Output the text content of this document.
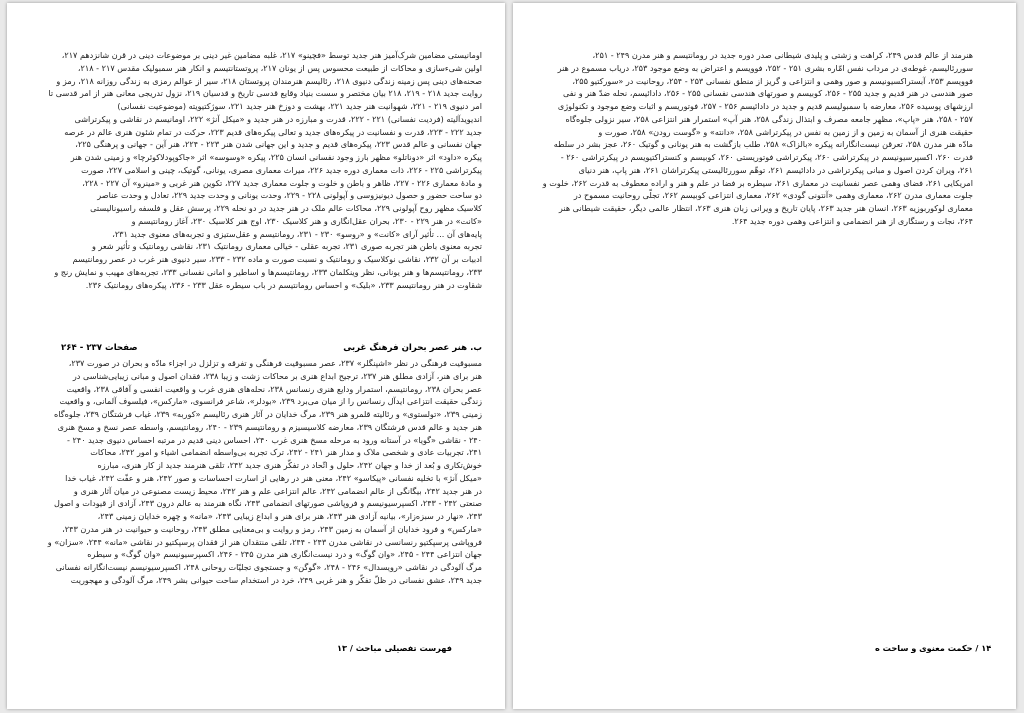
اومانیستی مضامین شرک‌آمیز هنر جدید توسط «فچینو» ۲۱۷، غلبه مضامین غیر دینی بر موضوعات دینی در قرن شانزدهم ۲۱۷،
اولین شیء‌سازی و محاکات از طبیعت محسوس پس از یونان ۲۱۷، پروتستانتیسم و انکار هنر سمبولیک مقدس ۲۱۷ - ۲۱۸،
صحنه‌های دینی پس زمینه زندگی دنیوی ۲۱۸، رئالیسم هنرمندان پروتستان ۲۱۸، سیر از عوالم رمزی به زندگی روزانه ۲۱۸، رمز و
روایت جدید ۲۱۸ - ۲۱۹، ۲۱۸ بیان مختصر و سست بنیاد وقایع قدسی تاریخ و قدسیان ۲۱۹، نزول تدریجی معانی هنر از امر قدسی تا
امر دنیوی ۲۱۹ - ۲۲۱، شهوانیت هنر جدید ۲۲۱، بهشت و دوزخ هنر جدید ۲۲۱، سوژکتیویته (موضوعیت نفسانی)
اندیویدآلیته (فردیت نفسانی) ۲۲۱ - ۲۲۲، قدرت و مبارزه در هنر جدید و «میکل آنژ» ۲۲۲، اومانیسم در نقاشی و پیکرتراشی
جدید ۲۲۲ - ۲۲۳، قدرت و نفسانیت در پیکره‌های جدید و تعالی پیکره‌های قدیم ۲۲۳، حرکت در تمام شئون هنری عالم در عرصه
جهان نفسانی و عالم قدس ۲۲۳، پیکره‌های قدیم و جدید و این جهانی شدن هنر ۲۲۳ - ۲۲۴، هنر آین - جهانی و پرهنگی ۲۲۵،
پیکره «داود» اثر «دوناتلو» مظهر بارز وجود نفسانی انسان ۲۲۵، پیکره «وسوسه» اثر «جاکوپودلاکوئرچا» و زمینی شدن هنر
پیکرتراشی ۲۲۵ - ۲۲۶، ذات معماری دوره جدید ۲۲۶، میراث معماری مصری، یونانی، گوتیک، چینی و اسلامی ۲۲۷، صورت
و مادهٔ معماری ۲۲۶ - ۲۲۷، ظاهر و باطن و خلوت و جلوت معماری جدید ۲۲۷، تکوین هنر غربی و «مینرو» آن ۲۲۷ - ۲۲۸،
دو ساحت حضور و حصول دیونیزوسی و آپولونی ۲۲۸ - ۲۲۹، وحدت یونانی و وحدت جدید ۲۲۹، تعادل و وحدت عناصر
کلاسیک مظهر روح آپولونی ۲۲۹، محاکات عالم ملک در هنر جدید در دو نحله ۲۲۹، پرسش عقل و فلسفه راسیونالیستی
«کانت» در هنر ۲۲۹ - ۲۳۰، بحران عقل‌انگاری و هنر کلاسیک ۲۳۰، اوج هنر کلاسیک ۲۳۰، آغاز رومانتیسم و
پایه‌های آن ... تأثیر آرای «کانت» و «روسو» ۲۳۰ - ۲۳۱، رومانتیسم و عقل‌ستیزی و تجربه‌های معنوی جدید ۲۳۱،
تجربه معنوی باطن هنر تجربه صوری ۲۳۱، تجربه عقلی - خیالی معماری رومانتیک ۲۳۱، نقاشی رومانتیک و تأثیر شعر و
ادبیات بر آن ۲۳۲، نقاشی نوکلاسیک و رومانتیک و نسبت صورت و ماده ۲۳۲ - ۲۳۳، سیر دنیوی هنر غرب در عصر رومانتیسم
۲۳۳، رومانتیسم‌ها و هنر یونانی، نظر وینکلمان ۲۳۳، رومانتیسم‌ها و اساطیر و امانی نفسانی ۲۳۳، تجربه‌های مهیب و نمایش رنج و
شقاوت در هنر رومانتیسم ۲۳۳، «بلیک» و احساس رومانتیسم در باب سیطره عقل ۲۳۳ - ۲۳۶، پیکره‌های رومانتیک ۲۳۶.
ب. هنر عصر بحران فرهنگ غربی
صفحات ۲۳۷ - ۲۶۴
مسبوقیت فرهنگی در نظر «اشپنگلر» ۲۳۷، عصر مسبوقیت فرهنگی و تفرقه و تزلزل در اجزاء مادّه و بحران در صورت ۲۳۷،
هنر برای هنر، آزادی مطلق هنر ۲۳۷، ترجیح ابداع هنری بر محاکات زشت و زیبا ۲۳۸، فقدان اصول و مبانی زیبایی‌شناسی در
عصر بحران ۲۳۸، رومانتیسم، استمرار ودایع هنری رنسانس ۲۳۸، نحله‌های هنری غرب و واقعیت انفسی و آفاقی ۲۳۸، واقعیت
زندگی حقیقت انتزاعی ایدآل رنسانس را از میان می‌برد ۲۳۹، «بودلر»، شاعر فرانسوی، «مارکس»، فیلسوف آلمانی، و واقعیت
زمینی ۲۳۹، «تولستوی» و رئالیته قلمرو هنر ۲۳۹، مرگ خدایان در آثار هنری رئالیسم «کوربه» ۲۳۹، غیاب فرشتگان ۲۳۹، جلوه‌گاه
هنر جدید و عالم قدس فرشتگان ۲۳۹، معارضه کلاسیسیزم و رومانتیسم ۲۳۹ - ۲۴۰، رومانتیسم، واسطه عصر نسخ و مسخ هنری
۲۴۰ - نقاشی «گویا» در آستانه ورود به مرحله مسخ هنری غرب ۲۴۰، احساس دینی قدیم در مرتبه احساس دنیوی جدید ۲۴۰ -
۲۴۱، تجربیات عادی و شخصی ملاک و مدار هنر ۲۴۱ - ۲۴۲، ترک تجربه بی‌واسطه انضمامی اشیاء و امور ۲۴۲، محاکات
خوش‌تکاری و بُعد از خدا و جهان ۲۴۲، حلول و اتّحاد در تفکّر هنری جدید ۲۴۲، تلقی هنرمند جدید از کار هنری، مبارزه
«میکل آنژ» با تخلیه نفسانی «پیکاسو» ۲۴۲، معنی هنر در رهایی از اسارت احساسات و صور ۲۴۲، هنر و عفّت ۲۴۲، غیاب خدا
در هنر جدید ۲۴۲، بیگانگی از عالم انضمامی ۲۴۲، عالم انتزاعی علم و هنر ۲۴۲، محیط زیست مصنوعی در میان آثار هنری و
صنعتی ۲۴۲ - ۲۴۳، اکسپرسیونیسم و فروپاشی صورتهای انضمامی ۲۴۳، نگاه هنرمند به عالم درون ۲۴۳، آزادی از قیودات و اصول
۲۴۳، «نهار در سبزه‌زار»، بیانیه آزادی هنر ۲۴۳، هنر برای هنر و ابداع زیبایی ۲۴۳، «مانه» و چهره خدایان زمینی ۲۴۳،
«مارکس» و فرود خدایان از آسمان به زمین ۲۴۳، رمز و روایت و بی‌معنایی مطلق ۲۴۳، روحانیت و حیوانیت در هنر مدرن ۲۴۳،
فروپاشی پرسپکتیو رنسانسی در نقاشی مدرن ۲۴۳ - ۲۴۴، تلقی منتقدان هنر از فقدان پرسپکتیو در نقاشی «مانه» ۲۴۴، «سزان» و
جهان انتزاعی ۲۴۴ - ۲۴۵، «وان گوگ» و درد نیست‌انگاری هنر مدرن ۲۴۵ - ۲۴۶، اکسپرسیونیسم «وان گوگ» و سیطره
مرگ آلودگی در نقاشی «رویسدال» ۲۴۶ - ۲۴۸، «گوگن» و جستجوی تجلیّات روحانی ۲۴۸، اکسپرسیونیسم نیست‌انگارانه نفسانی
جدید ۲۴۹، عشق نفسانی در ظلّ تفکّر و هنر غربی ۲۴۹، خرد در استخدام ساحت حیوانی بشر ۲۴۹، مرگ آلودگی و مهجوریت
فهرست تفصیلی مباحث / ۱۳
هنرمند از عالم قدس ۲۴۹، کراهت و زشتی و پلیدی شیطانی صدر دوره جدید در رومانتیسم و هنر مدرن ۲۴۹ - ۲۵۱،
سوررئالیسم، غوطه‌ی در مرداب نفس امّاره بشری ۲۵۱ - ۲۵۲، فوویسم و اعتراض به وضع موجود ۲۵۳، دریاب مسموع در هنر
فوویسم ۲۵۳، آبستراکسیونیسم و صور وهمی و انتزاعی و گریز از منطق نفسانی ۲۵۳ - ۲۵۴، روحانیت در «سورکتیو ۲۵۵،
صور هندسی در هنر قدیم و جدید ۲۵۵ - ۲۵۶، کوبیسم و صورتهای هندسی نفسانی ۲۵۵ - ۲۵۶، دادائیسم، نحله ضدّ هنر و نفی
ارزشهای پوسیده ۲۵۶، معارضه با سمبولیسم قدیم و جدید در دادائیسم ۲۵۶ - ۲۵۷، فوتوریسم و اثبات وضع موجود و تکنولوژی
۲۵۷ - ۲۵۸، هنر «پاپ»، مظهر جامعه مصرف و ابتذال زندگی ۲۵۸، هنر آپ» استمرار هنر انتزاعی ۲۵۸، سیر نزولی جلوه‌گاه
حقیقت هنری از آسمان به زمین و از زمین به نفس در پیکرتراشی ۲۵۸، «دانته» و «گوست رودن» ۲۵۸، صورت و
مادّه هنر مدرن ۲۵۸، تعرقن نیست‌انگارانه پیکره «بالزاک» ۲۵۸، طلب بازگشت به هنر یونانی و گوتیک ۲۶۰، عجز بشر در سلطه
قدرت ۲۶۰، اکسپرسیونیسم در پیکرتراشی ۲۶۰، پیکرتراشی فوتوریستی ۲۶۰، کوبیسم و کنستراکتیویسم در پیکرتراشی ۲۶۰ -
۲۶۱، ویران کردن اصول و مبانی پیکرتراشی در دادائیسم ۲۶۱، توهّم سوررئالیستی پیکرتراشان ۲۶۱، هنر پاپ، هنر دنیای
امریکایی ۲۶۱، فضای وهمی عصر نفسانیت در معماری ۲۶۱، سیطره بر فضا در علم و هنر و اراده معطوف به قدرت ۲۶۲، خلوت و
جلوت معماری مدرن ۲۶۲، معماری وهمی «آنتونی گودی» ۲۶۲، معماری انتزاعی کوبیسم ۲۶۲، تجلّی روحانیت مسموح در
معماری لوکوربوزیه ۲۶۳، انسان هنر جدید ۲۶۳، پایان تاریخ و ویرانی زبان هنری ۲۶۳، انتظار عالمی دیگر، حقیقت شیطانی هنر
۲۶۴، نجات و رستگاری از هنر انضمامی و انتزاعی وهمی دوره جدید ۲۶۴.
۱۴ / حکمت معنوی و ساحت ه
